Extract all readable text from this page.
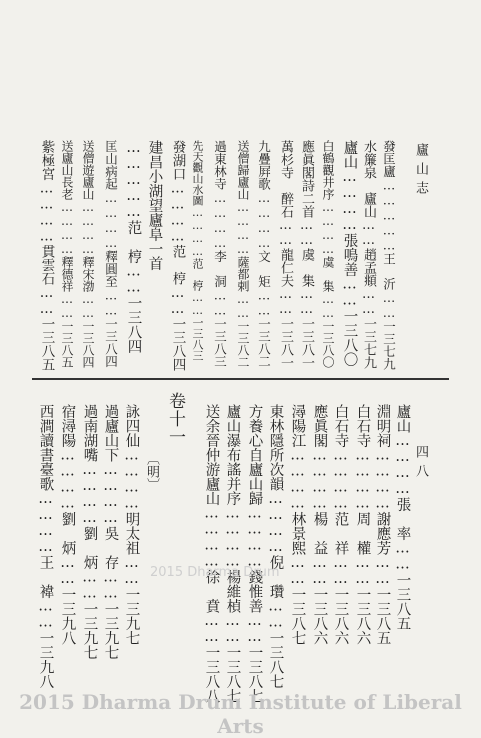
廬山志
四八
發匡廬……………王　沂……一三七九
水簾泉　廬山……趙孟頫……一三七九
廬山…………張鳴善……一三八〇
白鶴觀井序…………虞　集……一三八〇
應眞閣詩二首……虞　集……一三八一
萬杉寺　醉石……龍仁夫……一三八一
九疊屛歌…………文　矩……一三八二
送僧歸廬山…………薩都剌……一三八二
過東林寺…………李　洞……一三八三
先天觀山水圖…………范　梈……一三八三
發湖口…………范　梈……一三八四
建昌小湖望廬阜一首
……………范　梈……一三八四
匡山病起…………釋圓至……一三八四
送僧遊廬山…………釋宋渤……一三八四
送廬山長老…………釋德祥……一三八五
紫極宮…………貫雲石……一三八五
卷十一
〔明〕	廬山…………張　率……一三八五
淵明祠…………謝應芳……一三八五
白石寺…………周　權……一三八六
白石寺…………范　祥……一三八六
應眞閣…………楊　益……一三八六
潯陽江…………林景熙……一三八七
東林隱所次韻…………倪　瓚……一三八七
方養心自廬山歸…………錢惟善……一三八七
廬山瀑布謠并序…………楊維楨……一三八七
送余晉仲游廬山…………徐　賁……一三八八
詠四仙…………明太祖……一三九七
過廬山下…………吳　存……一三九七
過南湖嘴…………劉　炳……一三九七
宿潯陽…………劉　炳……一三九八
西澗讀書臺歌…………王　褘……一三九八	2015 Dharma Drum
2015 Dharma Drum Institute of Liberal Arts
